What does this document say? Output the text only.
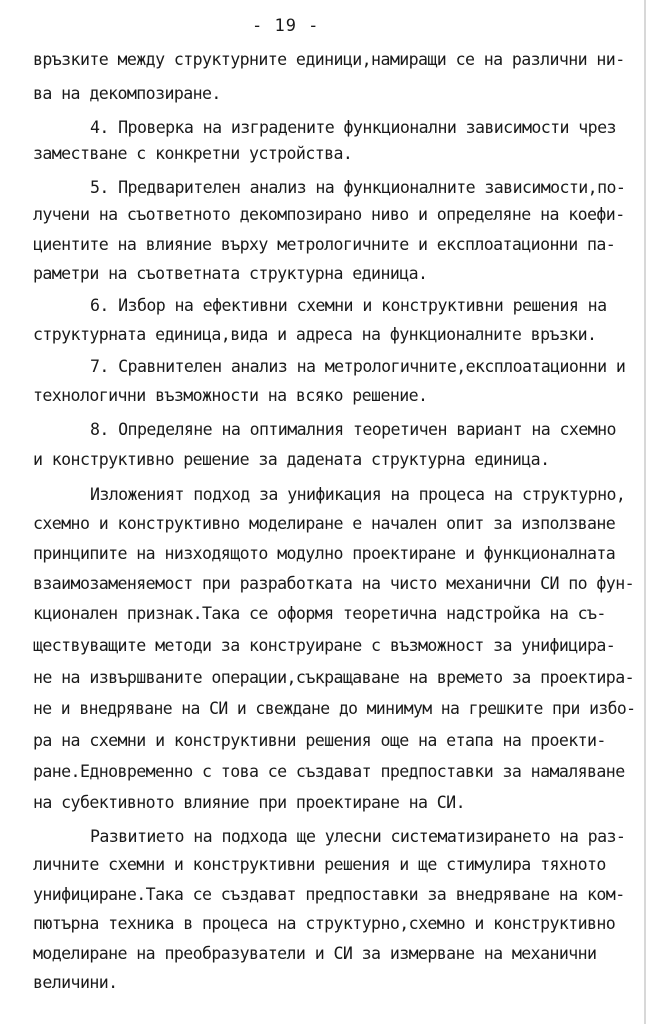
- 19 -
връзките между структурните единици,намиращи се на различни ни-
ва на декомпозиране.
4. Проверка на изградените функционални зависимости чрез
заместване с конкретни устройства.
5. Предварителен анализ на функционалните зависимости,по-
лучени на съответното декомпозирано ниво и определяне на коефи-
циентите на влияние върху метрологичните и експлоатационни па-
раметри на съответната структурна единица.
6. Избор на ефективни схемни и конструктивни решения на
структурната единица,вида и адреса на функционалните връзки.
7. Сравнителен анализ на метрологичните,експлоатационни и
технологични възможности на всяко решение.
8. Определяне на оптималния теоретичен вариант на схемно
и конструктивно решение за дадената структурна единица.
Изложеният подход за унификация на процеса на структурно,
схемно и конструктивно моделиране е начален опит за използване
принципите на низходящото модулно проектиране и функционалната
взаимозаменяемост при разработката на чисто механични СИ по фун-
кционален признак.Така се оформя теоретична надстройка на съ-
ществуващите методи за конструиране с възможност за унифицира-
не на извършваните операции,съкращаване на времето за проектира-
не и внедряване на СИ и свеждане до минимум на грешките при избо-
ра на схемни и конструктивни решения още на етапа на проекти-
ране.Едновременно с това се създават предпоставки за намаляване
на субективното влияние при проектиране на СИ.
Развитието на подхода ще улесни систематизирането на раз-
личните схемни и конструктивни решения и ще стимулира тяхното
унифициране.Така се създават предпоставки за внедряване на ком-
пютърна техника в процеса на структурно,схемно и конструктивно
моделиране на преобразуватели и СИ за измерване на механични
величини.
